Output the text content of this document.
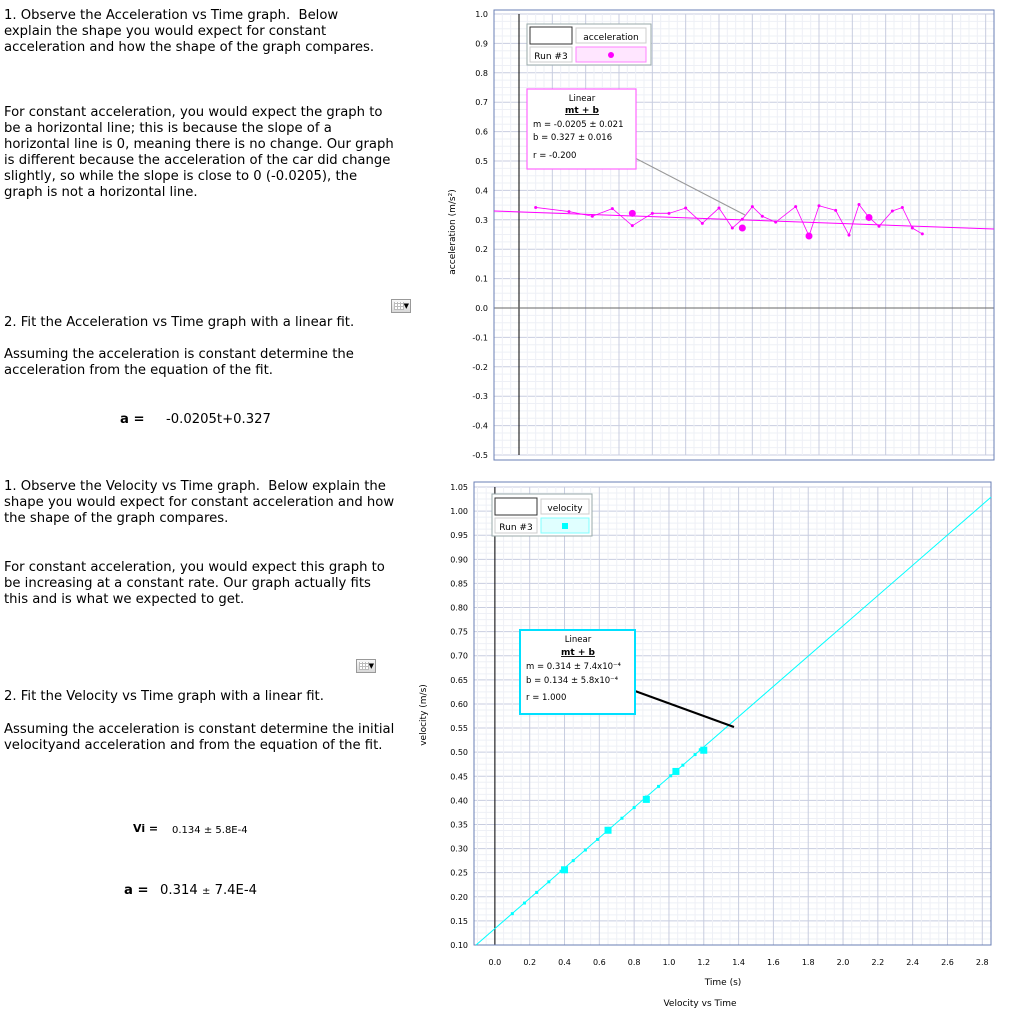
1. Observe the Acceleration vs Time graph.  Below explain the shape you would expect for constant acceleration and how the shape of the graph compares.
For constant acceleration, you would expect the graph to be a horizontal line; this is because the slope of a horizontal line is 0, meaning there is no change. Our graph is different because the acceleration of the car did change slightly, so while the slope is close to 0 (-0.0205), the graph is not a horizontal line.
▼
2. Fit the Acceleration vs Time graph with a linear fit.
Assuming the acceleration is constant determine the acceleration from the equation of the fit.
a = -0.0205t+0.327
1. Observe the Velocity vs Time graph.  Below explain the shape you would expect for constant acceleration and how the shape of the graph compares.
For constant acceleration, you would expect this graph to be increasing at a constant rate. Our graph actually fits this and is what we expected to get.
▼
2. Fit the Velocity vs Time graph with a linear fit.
Assuming the acceleration is constant determine the initial velocityand acceleration and from the equation of the fit.
Vi = 0.134 ± 5.8E-4
a = 0.314 ± 7.4E-4
-0.5
-0.4
-0.3
-0.2
-0.1
0.0
0.1
0.2
0.3
0.4
0.5
0.6
0.7
0.8
0.9
1.0
acceleration (m/s²)
acceleration
Run #3
Linear
mt + b
m = -0.0205 ± 0.021
b = 0.327 ± 0.016
r = -0.200
0.10
0.15
0.20
0.25
0.30
0.35
0.40
0.45
0.50
0.55
0.60
0.65
0.70
0.75
0.80
0.85
0.90
0.95
1.00
1.05
0.0	0.2	0.4	0.6	0.8	1.0	1.2	1.4	1.6	1.8	2.0	2.2	2.4	2.6	2.8
velocity (m/s)
Time (s)
Velocity vs Time
velocity
Run #3
Linear
mt + b
m = 0.314 ± 7.4x10⁻⁴
b = 0.134 ± 5.8x10⁻⁴
r = 1.000
